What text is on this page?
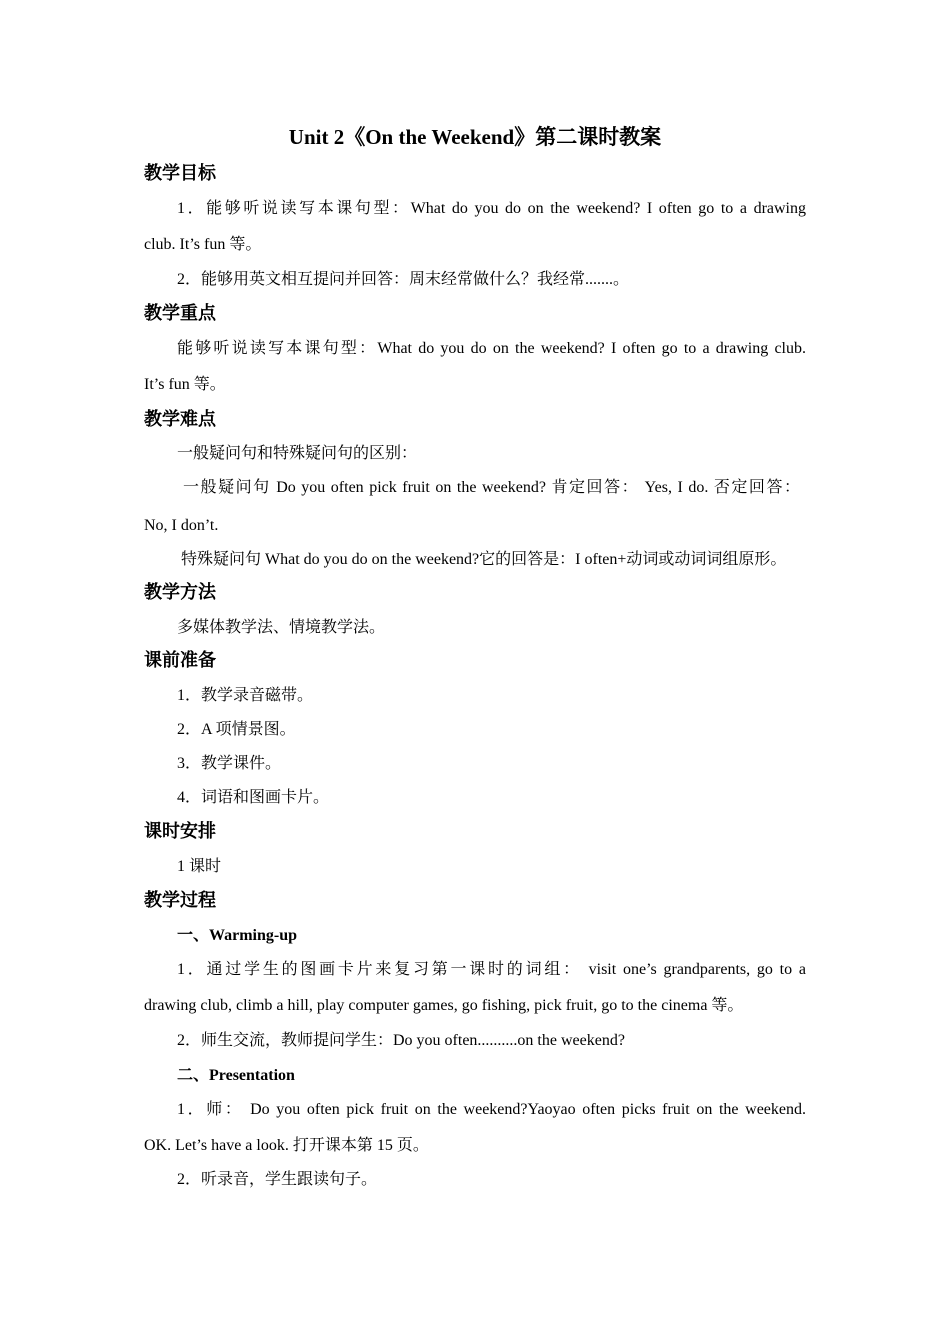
Unit 2《On the Weekend》第二课时教案
教学目标
1．能够听说读写本课句型：What do you do on the weekend? I often go to a drawing
club. It’s fun 等。
2．能够用英文相互提问并回答：周末经常做什么？我经常.......。
教学重点
能够听说读写本课句型：What do you do on the weekend? I often go to a drawing club.
It’s fun 等。
教学难点
一般疑问句和特殊疑问句的区别：
一般疑问句 Do you often pick fruit on the weekend? 肯定回答： Yes, I do. 否定回答：
No, I don’t.
特殊疑问句 What do you do on the weekend?它的回答是：I often+动词或动词词组原形。
教学方法
多媒体教学法、情境教学法。
课前准备
1．教学录音磁带。
2．A 项情景图。
3．教学课件。
4．词语和图画卡片。
课时安排
1 课时
教学过程
一、Warming-up
1．通过学生的图画卡片来复习第一课时的词组： visit one’s grandparents, go to a
drawing club, climb a hill, play computer games, go fishing, pick fruit, go to the cinema 等。
2．师生交流，教师提问学生：Do you often..........on the weekend?
二、Presentation
1．师： Do you often pick fruit on the weekend?Yaoyao often picks fruit on the weekend.
OK. Let’s have a look. 打开课本第 15 页。
2．听录音，学生跟读句子。
